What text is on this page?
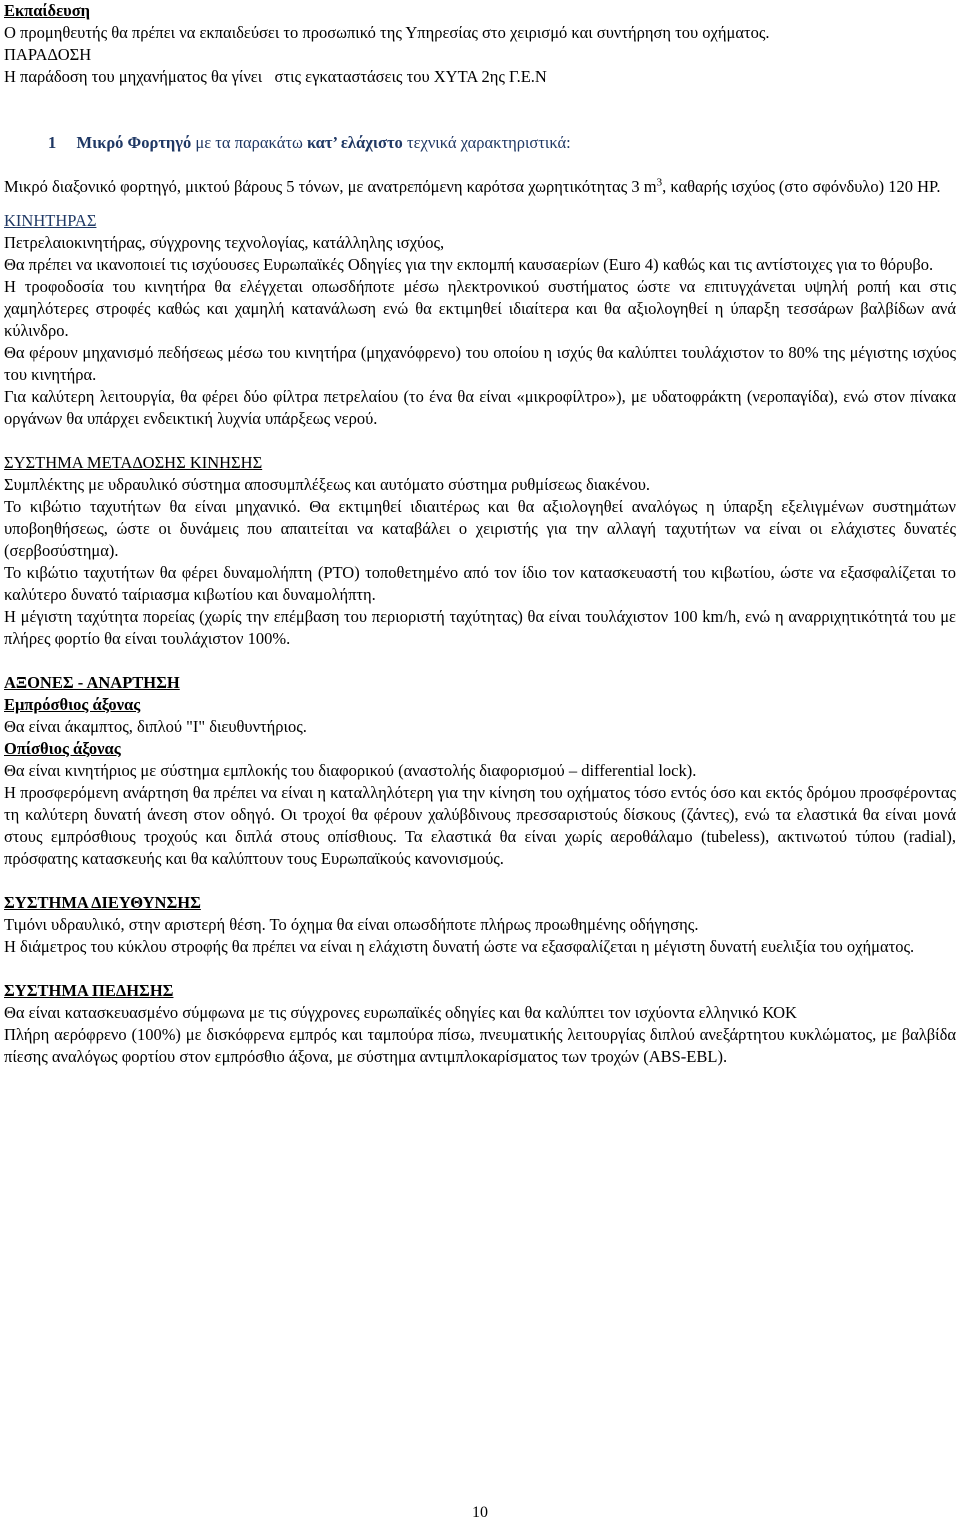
Εκπαίδευση

Ο προμηθευτής θα πρέπει να εκπαιδεύσει το προσωπικό της Υπηρεσίας στο χειρισμό και συντήρηση του οχήματος.

ΠΑΡΑΔΟΣΗ

Η παράδοση του μηχανήματος θα γίνει   στις εγκαταστάσεις του ΧΥΤΑ 2ης Γ.Ε.Ν

1 Μικρό Φορτηγό με τα παρακάτω κατ’ ελάχιστο τεχνικά χαρακτηριστικά:

Μικρό διαξονικό φορτηγό, μικτού βάρους 5 τόνων, με ανατρεπόμενη καρότσα χωρητικότητας 3 $m^3$, καθαρής ισχύος (στο σφόνδυλο) 120 HP.

ΚΙΝΗΤΗΡΑΣ

Πετρελαιοκινητήρας, σύγχρονης τεχνολογίας, κατάλληλης ισχύος,

Θα πρέπει να ικανοποιεί τις ισχύουσες Ευρωπαϊκές Οδηγίες για την εκπομπή καυσαερίων (Euro 4) καθώς και τις αντίστοιχες για το θόρυβο.

Η τροφοδοσία του κινητήρα θα ελέγχεται οπωσδήποτε μέσω ηλεκτρονικού συστήματος ώστε να επιτυγχάνεται υψηλή ροπή και στις χαμηλότερες στροφές καθώς και χαμηλή κατανάλωση ενώ θα εκτιμηθεί ιδιαίτερα και θα αξιολογηθεί η ύπαρξη τεσσάρων βαλβίδων ανά κύλινδρο.

Θα φέρουν μηχανισμό πεδήσεως μέσω του κινητήρα (μηχανόφρενο) του οποίου η ισχύς θα καλύπτει τουλάχιστον το 80% της μέγιστης ισχύος του κινητήρα.

Για καλύτερη λειτουργία, θα φέρει δύο φίλτρα πετρελαίου (το ένα θα είναι «μικροφίλτρο»), με υδατοφράκτη (νεροπαγίδα), ενώ στον πίνακα οργάνων θα υπάρχει ενδεικτική λυχνία υπάρξεως νερού.

ΣΥΣΤΗΜΑ ΜΕΤΑΔΟΣΗΣ ΚΙΝΗΣΗΣ

Συμπλέκτης με υδραυλικό σύστημα αποσυμπλέξεως και αυτόματο σύστημα ρυθμίσεως διακένου.

Το κιβώτιο ταχυτήτων θα είναι μηχανικό. Θα εκτιμηθεί ιδιαιτέρως και θα αξιολογηθεί αναλόγως η ύπαρξη εξελιγμένων συστημάτων υποβοηθήσεως, ώστε οι δυνάμεις που απαιτείται να καταβάλει ο χειριστής για την αλλαγή ταχυτήτων να είναι οι ελάχιστες δυνατές (σερβοσύστημα).

Το κιβώτιο ταχυτήτων θα φέρει δυναμολήπτη (PTO) τοποθετημένο από τον ίδιο τον κατασκευαστή του κιβωτίου, ώστε να εξασφαλίζεται το καλύτερο δυνατό ταίριασμα κιβωτίου και δυναμολήπτη.

Η μέγιστη ταχύτητα πορείας (χωρίς την επέμβαση του περιοριστή ταχύτητας) θα είναι τουλάχιστον 100 km/h, ενώ η αναρριχητικότητά του με πλήρες φορτίο θα είναι τουλάχιστον 100%.

ΑΞΟΝΕΣ - ΑΝΑΡΤΗΣΗ

Εμπρόσθιος άξονας

Θα είναι άκαμπτος, διπλού "I" διευθυντήριος.

Οπίσθιος άξονας

Θα είναι κινητήριος με σύστημα εμπλοκής του διαφορικού (αναστολής διαφορισμού – differential lock).

Η προσφερόμενη ανάρτηση θα πρέπει να είναι η καταλληλότερη για την κίνηση του οχήματος τόσο εντός όσο και εκτός δρόμου προσφέροντας τη καλύτερη δυνατή άνεση στον οδηγό. Οι τροχοί θα φέρουν χαλύβδινους πρεσσαριστούς δίσκους (ζάντες), ενώ τα ελαστικά θα είναι μονά στους εμπρόσθιους τροχούς και διπλά στους οπίσθιους. Τα ελαστικά θα είναι χωρίς αεροθάλαμο (tubeless), ακτινωτού τύπου (radial), πρόσφατης κατασκευής και θα καλύπτουν τους Ευρωπαϊκούς κανονισμούς.

ΣΥΣΤΗΜΑ ΔΙΕΥΘΥΝΣΗΣ

Τιμόνι υδραυλικό, στην αριστερή θέση. Το όχημα θα είναι οπωσδήποτε πλήρως προωθημένης οδήγησης.

Η διάμετρος του κύκλου στροφής θα πρέπει να είναι η ελάχιστη δυνατή ώστε να εξασφαλίζεται η μέγιστη δυνατή ευελιξία του οχήματος.

ΣΥΣΤΗΜΑ ΠΕΔΗΣΗΣ

Θα είναι κατασκευασμένο σύμφωνα με τις σύγχρονες ευρωπαϊκές οδηγίες και θα καλύπτει τον ισχύοντα ελληνικό ΚΟΚ

Πλήρη αερόφρενο (100%) με δισκόφρενα εμπρός και ταμπούρα πίσω, πνευματικής λειτουργίας διπλού ανεξάρτητου κυκλώματος, με βαλβίδα πίεσης αναλόγως φορτίου στον εμπρόσθιο άξονα, με σύστημα αντιμπλοκαρίσματος των τροχών (ABS-EBL).

10
